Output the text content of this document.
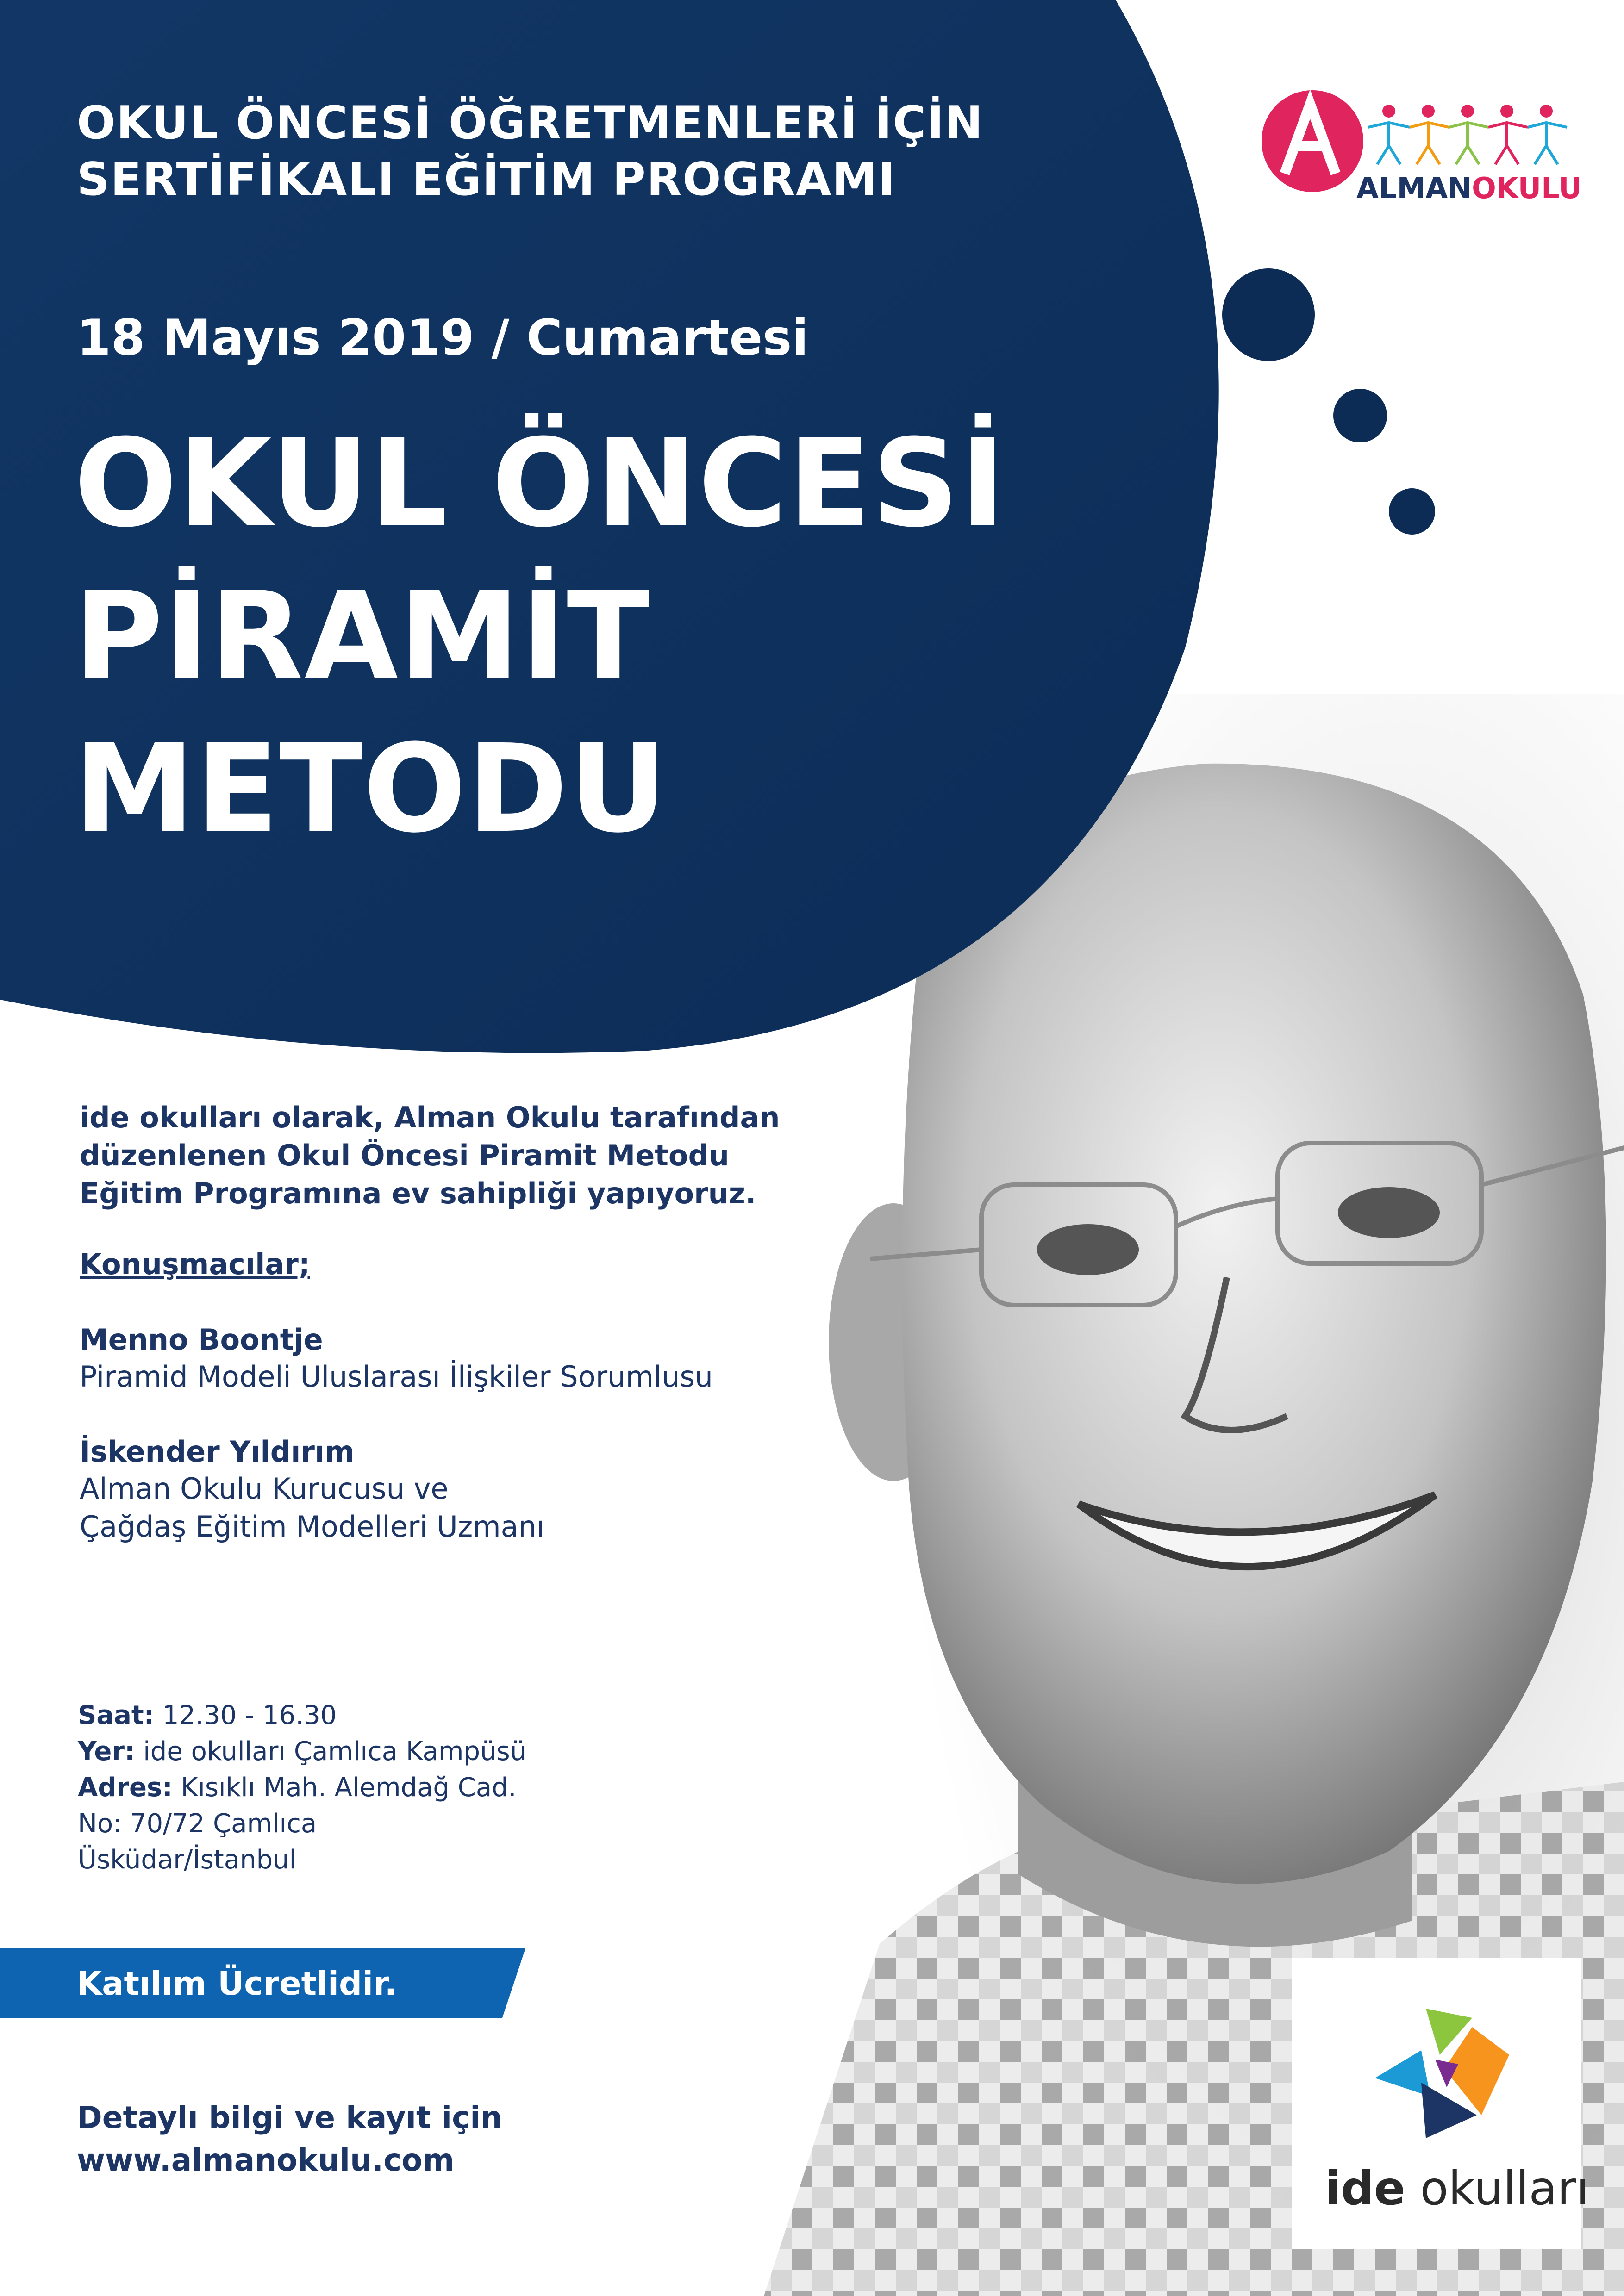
OKUL ÖNCESİ ÖĞRETMENLERİ İÇİN
SERTİFİKALI EĞİTİM PROGRAMI
18 Mayıs 2019 / Cumartesi
OKUL ÖNCESİ
PİRAMİT
METODU
ALMANOKULU
ide okulları olarak, Alman Okulu tarafından
düzenlenen Okul Öncesi Piramit Metodu
Eğitim Programına ev sahipliği yapıyoruz.
Konuşmacılar;
Menno Boontje
Piramid Modeli Uluslarası İlişkiler Sorumlusu
İskender Yıldırım
Alman Okulu Kurucusu ve
Çağdaş Eğitim Modelleri Uzmanı
Saat: 12.30 - 16.30
Yer: ide okulları Çamlıca Kampüsü
Adres: Kısıklı Mah. Alemdağ Cad.
No: 70/72 Çamlıca
Üsküdar/İstanbul
Katılım Ücretlidir.
Detaylı bilgi ve kayıt için
www.almanokulu.com
ide okulları
